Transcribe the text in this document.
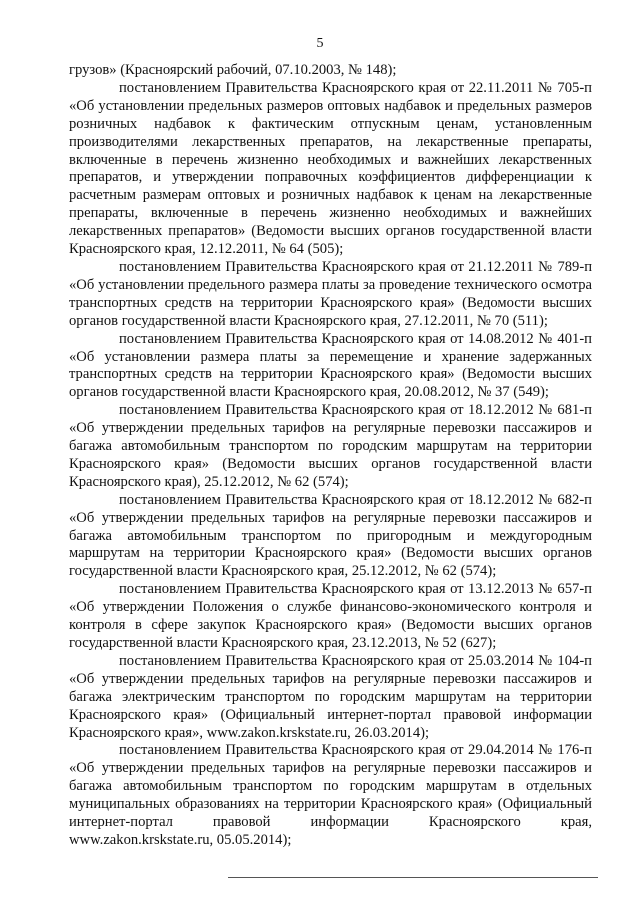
5

грузов» (Красноярский рабочий, 07.10.2003, № 148);

постановлением Правительства Красноярского края от 22.11.2011 № 705-п «Об установлении предельных размеров оптовых надбавок и предельных размеров розничных надбавок к фактическим отпускным ценам, установленным производителями лекарственных препаратов, на лекарственные препараты, включенные в перечень жизненно необходимых и важнейших лекарственных препаратов, и утверждении поправочных коэффициентов дифференциации к расчетным размерам оптовых и розничных надбавок к ценам на лекарственные препараты, включенные в перечень жизненно необходимых и важнейших лекарственных препаратов» (Ведомости высших органов государственной власти Красноярского края, 12.12.2011, № 64 (505);

постановлением Правительства Красноярского края от 21.12.2011 № 789-п «Об установлении предельного размера платы за проведение технического осмотра транспортных средств на территории Красноярского края» (Ведомости высших органов государственной власти Красноярского края, 27.12.2011, № 70 (511);

постановлением Правительства Красноярского края от 14.08.2012 № 401-п «Об установлении размера платы за перемещение и хранение задержанных транспортных средств на территории Красноярского края» (Ведомости высших органов государственной власти Красноярского края, 20.08.2012, № 37 (549);

постановлением Правительства Красноярского края от 18.12.2012 № 681-п «Об утверждении предельных тарифов на регулярные перевозки пассажиров и багажа автомобильным транспортом по городским маршрутам на территории Красноярского края» (Ведомости высших органов государственной власти Красноярского края), 25.12.2012, № 62 (574);

постановлением Правительства Красноярского края от 18.12.2012 № 682-п «Об утверждении предельных тарифов на регулярные перевозки пассажиров и багажа автомобильным транспортом по пригородным и междугородным маршрутам на территории Красноярского края» (Ведомости высших органов государственной власти Красноярского края, 25.12.2012, № 62 (574);

постановлением Правительства Красноярского края от 13.12.2013 № 657-п «Об утверждении Положения о службе финансово-экономического контроля и контроля в сфере закупок Красноярского края» (Ведомости высших органов государственной власти Красноярского края, 23.12.2013, № 52 (627);

постановлением Правительства Красноярского края от 25.03.2014 № 104-п «Об утверждении предельных тарифов на регулярные перевозки пассажиров и багажа электрическим транспортом по городским маршрутам на территории Красноярского края» (Официальный интернет-портал правовой информации Красноярского края», www.zakon.krskstate.ru, 26.03.2014);

постановлением Правительства Красноярского края от 29.04.2014 № 176-п «Об утверждении предельных тарифов на регулярные перевозки пассажиров и багажа автомобильным транспортом по городским маршрутам в отдельных муниципальных образованиях на территории Красноярского края» (Официальный интернет-портал правовой информации Красноярского края, www.zakon.krskstate.ru, 05.05.2014);
